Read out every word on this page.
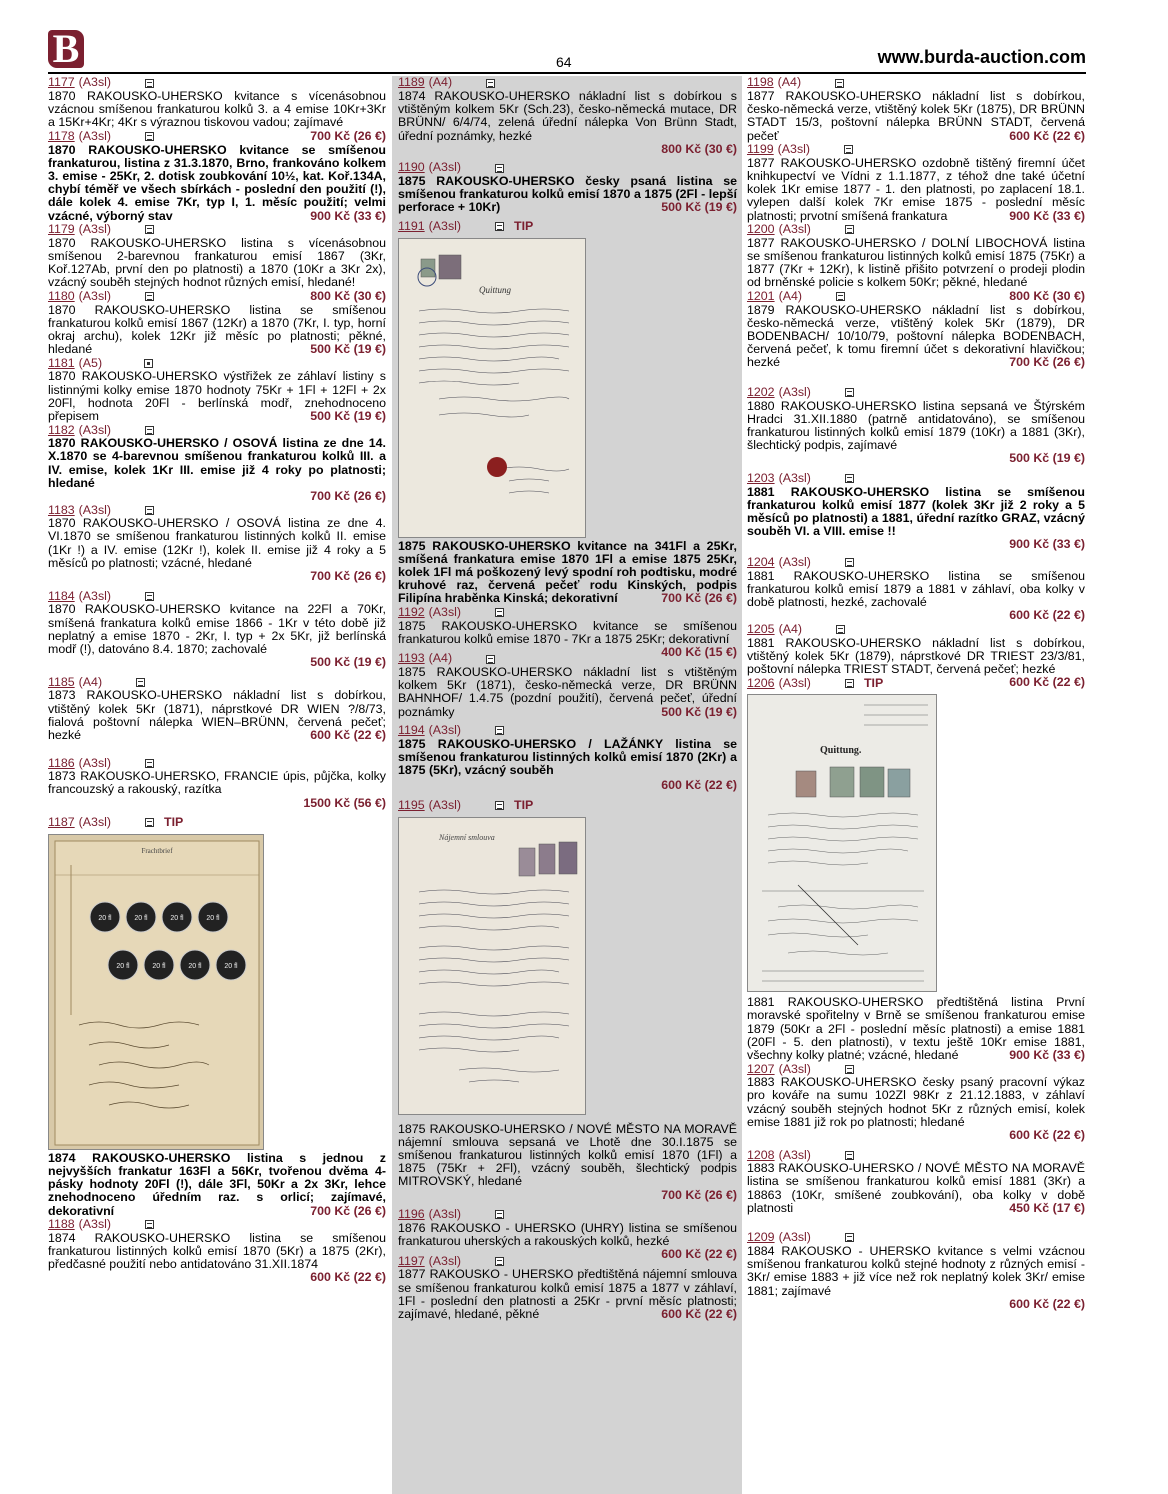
B	64	www.burda-auction.com
1177 (A3sl)
1870 RAKOUSKO-UHERSKO kvitance s vícenásobnou vzácnou smíšenou frankaturou kolků 3. a 4 emise 10Kr+3Kr a 15Kr+4Kr; 4Kr s výraznou tiskovou vadou; zajímavé
700 Kč (26 €)
1178 (A3sl)
1870 RAKOUSKO-UHERSKO kvitance se smíšenou frankaturou, listina z 31.3.1870, Brno, frankováno kolkem 3. emise - 25Kr, 2. dotisk zoubkování 10½, kat. Koř.134A, chybí téměř ve všech sbírkách - poslední den použití (!), dále kolek 4. emise 7Kr, typ I, 1. měsíc použití; velmi vzácné, výborný stav	900 Kč (33 €)
1179 (A3sl)
1870 RAKOUSKO-UHERSKO listina s vícenásobnou smíšenou 2-barevnou frankaturou emisí 1867 (3Kr, Koř.127Ab, první den po platnosti) a 1870 (10Kr a 3Kr 2x), vzácný souběh stejných hodnot různých emisí, hledané!
800 Kč (30 €)
1180 (A3sl)
1870 RAKOUSKO-UHERSKO listina se smíšenou frankaturou kolků emisí 1867 (12Kr) a 1870 (7Kr, I. typ, horní okraj archu), kolek 12Kr již měsíc po platnosti; pěkné, hledané	500 Kč (19 €)
1181 (A5)
1870 RAKOUSKO-UHERSKO výstřižek ze záhlaví listiny s listinnými kolky emise 1870 hodnoty 75Kr + 1Fl + 12Fl + 2x 20Fl, hodnota 20Fl - berlínská modř, znehodnoceno přepisem	500 Kč (19 €)
1182 (A3sl)
1870 RAKOUSKO-UHERSKO / OSOVÁ listina ze dne 14. X.1870 se 4-barevnou smíšenou frankaturou kolků III. a IV. emise, kolek 1Kr III. emise již 4 roky po platnosti; hledané
700 Kč (26 €)
1183 (A3sl)
1870 RAKOUSKO-UHERSKO / OSOVÁ listina ze dne 4. VI.1870 se smíšenou frankaturou listinných kolků II. emise (1Kr !) a IV. emise (12Kr !), kolek II. emise již 4 roky a 5 měsíců po platnosti; vzácné, hledané
700 Kč (26 €)
1184 (A3sl)
1870 RAKOUSKO-UHERSKO kvitance na 22Fl a 70Kr, smíšená frankatura kolků emise 1866 - 1Kr v této době již neplatný a emise 1870 - 2Kr, I. typ + 2x 5Kr, již berlínská modř (!), datováno 8.4. 1870; zachovalé
500 Kč (19 €)
1185 (A4)
1873 RAKOUSKO-UHERSKO nákladní list s dobírkou, vtištěný kolek 5Kr (1871), náprstkové DR WIEN ?/8/73, fialová poštovní nálepka WIEN–BRÜNN, červená pečeť; hezké	600 Kč (22 €)
1186 (A3sl)
1873 RAKOUSKO-UHERSKO, FRANCIE úpis, půjčka, kolky francouzský a rakouský, razítka
1500 Kč (56 €)
1187 (A3sl)	TIP
Frachtbrief
20 fl	20 fl	20 fl	20 fl
20 fl	20 fl	20 fl	20 fl
1874 RAKOUSKO-UHERSKO listina s jednou z nejvyšších frankatur 163Fl a 56Kr, tvořenou dvěma 4-pásky hodnoty 20Fl (!), dále 3Fl, 50Kr a 2x 3Kr, lehce znehodnoceno úředním raz. s orlicí; zajímavé, dekorativní	700 Kč (26 €)
1188 (A3sl)
1874 RAKOUSKO-UHERSKO listina se smíšenou frankaturou listinných kolků emisí 1870 (5Kr) a 1875 (2Kr), předčasné použití nebo antidatováno 31.XII.1874
600 Kč (22 €)
1189 (A4)
1874 RAKOUSKO-UHERSKO nákladní list s dobírkou s vtištěným kolkem 5Kr (Sch.23), česko-německá mutace, DR BRÜNN/ 6/4/74, zelená úřední nálepka Von Brünn Stadt, úřední poznámky, hezké
800 Kč (30 €)
1190 (A3sl)
1875 RAKOUSKO-UHERSKO česky psaná listina se smíšenou frankaturou kolků emisí 1870 a 1875 (2Fl - lepší perforace + 10Kr)	500 Kč (19 €)
1191 (A3sl)	TIP
Quittung
1875 RAKOUSKO-UHERSKO kvitance na 341Fl a 25Kr, smíšená frankatura emise 1870 1Fl a emise 1875 25Kr, kolek 1Fl má poškozený levý spodní roh podtisku, modré kruhové raz, červená pečeť rodu Kinských, podpis Filipína hraběnka Kinská; dekorativní	700 Kč (26 €)
1192 (A3sl)
1875 RAKOUSKO-UHERSKO kvitance se smíšenou frankaturou kolků emise 1870 - 7Kr a 1875 25Kr; dekorativní
400 Kč (15 €)
1193 (A4)
1875 RAKOUSKO-UHERSKO nákladní list s vtištěným kolkem 5Kr (1871), česko-německá verze, DR BRÜNN BAHNHOF/ 1.4.75 (pozdní použití), červená pečeť, úřední poznámky	500 Kč (19 €)
1194 (A3sl)
1875 RAKOUSKO-UHERSKO / LAŽÁNKY listina se smíšenou frankaturou listinných kolků emisí 1870 (2Kr) a 1875 (5Kr), vzácný souběh
600 Kč (22 €)
1195 (A3sl)	TIP
Nájemní smlouva
1875 RAKOUSKO-UHERSKO / NOVÉ MĚSTO NA MORAVĚ nájemní smlouva sepsaná ve Lhotě dne 30.I.1875 se smíšenou frankaturou listinných kolků emisí 1870 (1Fl) a 1875 (75Kr + 2Fl), vzácný souběh, šlechtický podpis MITROVSKÝ, hledané
700 Kč (26 €)
1196 (A3sl)
1876 RAKOUSKO - UHERSKO (UHRY) listina se smíšenou frankaturou uherských a rakouských kolků, hezké
600 Kč (22 €)
1197 (A3sl)
1877 RAKOUSKO - UHERSKO předtištěná nájemní smlouva se smíšenou frankaturou kolků emisí 1875 a 1877 v záhlaví, 1Fl - poslední den platnosti a 25Kr - první měsíc platnosti; zajímavé, hledané, pěkné	600 Kč (22 €)
1198 (A4)
1877 RAKOUSKO-UHERSKO nákladní list s dobírkou, česko-německá verze, vtištěný kolek 5Kr (1875), DR BRÜNN STADT 15/3, poštovní nálepka BRÜNN STADT, červená pečeť	600 Kč (22 €)
1199 (A3sl)
1877 RAKOUSKO-UHERSKO ozdobně tištěný firemní účet knihkupectví ve Vídni z 1.1.1877, z téhož dne také účetní kolek 1Kr emise 1877 - 1. den platnosti, po zaplacení 18.1. vylepen další kolek 7Kr emise 1875 - poslední měsíc platnosti; prvotní smíšená frankatura	900 Kč (33 €)
1200 (A3sl)
1877 RAKOUSKO-UHERSKO / DOLNÍ LIBOCHOVÁ listina se smíšenou frankaturou listinných kolků emisí 1875 (75Kr) a 1877 (7Kr + 12Kr), k listině přišito potvrzení o prodeji plodin od brněnské policie s kolkem 50Kr; pěkné, hledané
800 Kč (30 €)
1201 (A4)
1879 RAKOUSKO-UHERSKO nákladní list s dobírkou, česko-německá verze, vtištěný kolek 5Kr (1879), DR BODENBACH/ 10/10/79, poštovní nálepka BODENBACH, červená pečeť, k tomu firemní účet s dekorativní hlavičkou; hezké	700 Kč (26 €)
1202 (A3sl)
1880 RAKOUSKO-UHERSKO listina sepsaná ve Štýrském Hradci 31.XII.1880 (patrně antidatováno), se smíšenou frankaturou listinných kolků emisí 1879 (10Kr) a 1881 (3Kr), šlechtický podpis, zajímavé
500 Kč (19 €)
1203 (A3sl)
1881 RAKOUSKO-UHERSKO listina se smíšenou frankaturou kolků emisí 1877 (kolek 3Kr již 2 roky a 5 měsíců po platnosti) a 1881, úřední razítko GRAZ, vzácný souběh VI. a VIII. emise !!
900 Kč (33 €)
1204 (A3sl)
1881 RAKOUSKO-UHERSKO listina se smíšenou frankaturou kolků emisí 1879 a 1881 v záhlaví, oba kolky v době platnosti, hezké, zachovalé
600 Kč (22 €)
1205 (A4)
1881 RAKOUSKO-UHERSKO nákladní list s dobírkou, vtištěný kolek 5Kr (1879), náprstkové DR TRIEST 23/3/81, poštovní nálepka TRIEST STADT, červená pečeť; hezké
600 Kč (22 €)
1206 (A3sl)	TIP
Quittung.
1881 RAKOUSKO-UHERSKO předtištěná listina První moravské spořitelny v Brně se smíšenou frankaturou emise 1879 (50Kr a 2Fl - poslední měsíc platnosti) a emise 1881 (20Fl - 5. den platnosti), v textu ještě 10Kr emise 1881, všechny kolky platné; vzácné, hledané	900 Kč (33 €)
1207 (A3sl)
1883 RAKOUSKO-UHERSKO česky psaný pracovní výkaz pro kováře na sumu 102Zl 98Kr z 21.12.1883, v záhlaví vzácný souběh stejných hodnot 5Kr z různých emisí, kolek emise 1881 již rok po platnosti; hledané
600 Kč (22 €)
1208 (A3sl)
1883 RAKOUSKO-UHERSKO / NOVÉ MĚSTO NA MORAVĚ listina se smíšenou frankaturou kolků emisí 1881 (3Kr) a 18863 (10Kr, smíšené zoubkování), oba kolky v době platnosti	450 Kč (17 €)
1209 (A3sl)
1884 RAKOUSKO - UHERSKO kvitance s velmi vzácnou smíšenou frankaturou kolků stejné hodnoty z různých emisí - 3Kr/ emise 1883 + již více než rok neplatný kolek 3Kr/ emise 1881; zajímavé
600 Kč (22 €)
